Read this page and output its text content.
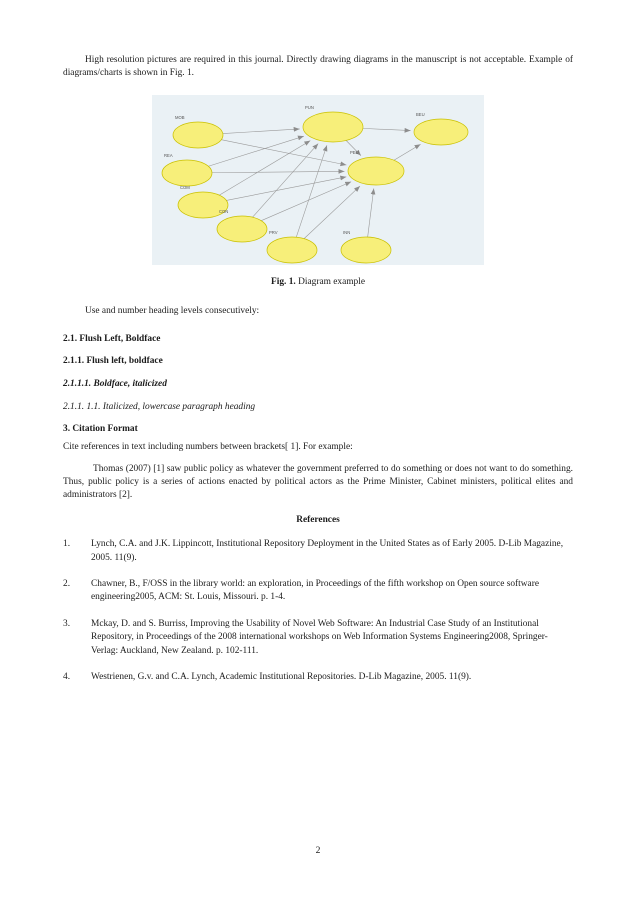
High resolution pictures are required in this journal. Directly drawing diagrams in the manuscript is not acceptable. Example of diagrams/charts is shown in Fig. 1.

MOB
REA
COM
CON
PRV	INN
PUN
PEU
BEU
Fig. 1. Diagram example

Use and number heading levels consecutively:

2.1. Flush Left, Boldface
2.1.1. Flush left, boldface
2.1.1.1. Boldface, italicized
2.1.1. 1.1. Italicized, lowercase paragraph heading
3. Citation Format

Cite references in text including numbers between brackets[ 1]. For example:

Thomas (2007) [1] saw public policy as whatever the government preferred to do something or does not want to do something. Thus, public policy is a series of actions enacted by political actors as the Prime Minister, Cabinet ministers, political elites and administrators [2].

References
1.	Lynch, C.A. and J.K. Lippincott, Institutional Repository Deployment in the United States as of Early 2005. D-Lib Magazine, 2005. 11(9).
2.	Chawner, B., F/OSS in the library world: an exploration, in Proceedings of the fifth workshop on Open source software engineering2005, ACM: St. Louis, Missouri. p. 1-4.
3.	Mckay, D. and S. Burriss, Improving the Usability of Novel Web Software: An Industrial Case Study of an Institutional Repository, in Proceedings of the 2008 international workshops on Web Information Systems Engineering2008, Springer-Verlag: Auckland, New Zealand. p. 102-111.
4.	Westrienen, G.v. and C.A. Lynch, Academic Institutional Repositories. D-Lib Magazine, 2005. 11(9).
2
